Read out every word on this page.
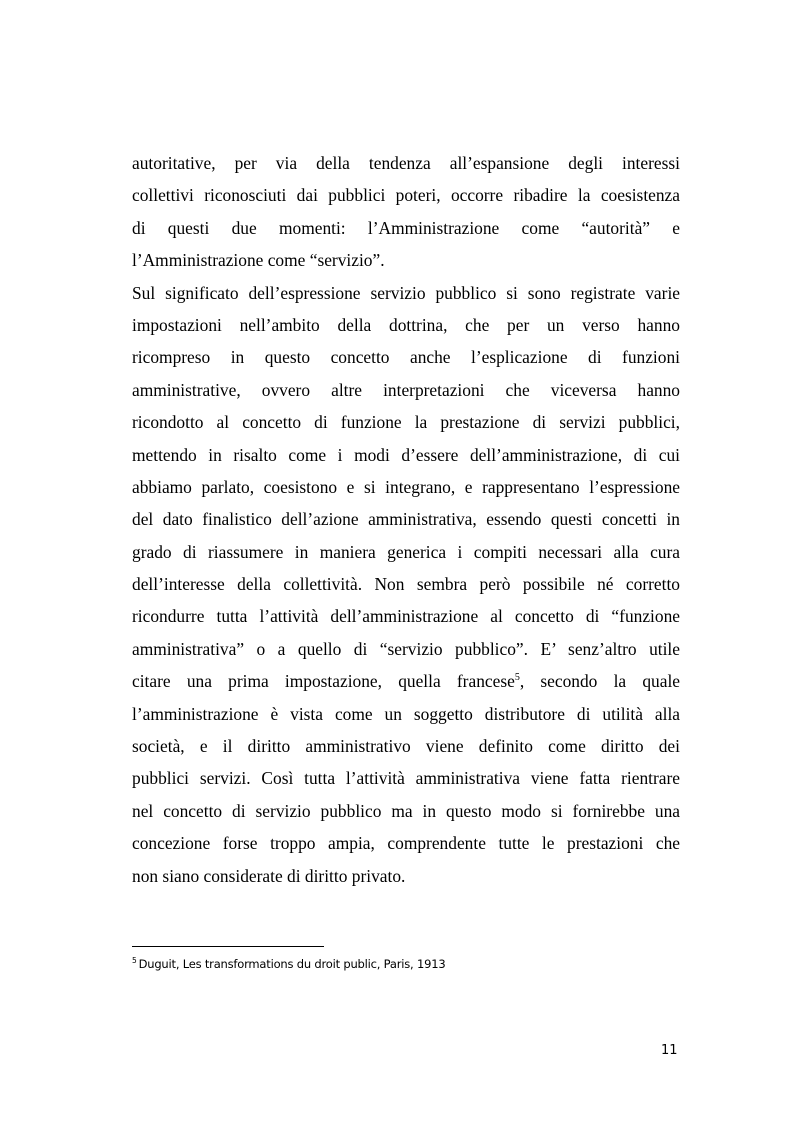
autoritative, per via della tendenza all’espansione degli interessi
collettivi riconosciuti dai pubblici poteri, occorre ribadire la coesistenza
di questi due momenti: l’Amministrazione come “autorità” e
l’Amministrazione come “servizio”.
Sul significato dell’espressione servizio pubblico si sono registrate varie
impostazioni nell’ambito della dottrina, che per un verso hanno
ricompreso in questo concetto anche l’esplicazione di funzioni
amministrative, ovvero altre interpretazioni che viceversa hanno
ricondotto al concetto di funzione la prestazione di servizi pubblici,
mettendo in risalto come i modi d’essere dell’amministrazione, di cui
abbiamo parlato, coesistono e si integrano, e rappresentano l’espressione
del dato finalistico dell’azione amministrativa, essendo questi concetti in
grado di riassumere in maniera generica i compiti necessari alla cura
dell’interesse della collettività. Non sembra però possibile né corretto
ricondurre tutta l’attività dell’amministrazione al concetto di “funzione
amministrativa” o a quello di “servizio pubblico”. E’ senz’altro utile
citare una prima impostazione, quella francese$^5$, secondo la quale
l’amministrazione è vista come un soggetto distributore di utilità alla
società, e il diritto amministrativo viene definito come diritto dei
pubblici servizi. Così tutta l’attività amministrativa viene fatta rientrare
nel concetto di servizio pubblico ma in questo modo si fornirebbe una
concezione forse troppo ampia, comprendente tutte le prestazioni che
non siano considerate di diritto privato.
$^5$ Duguit, Les transformations du droit public, Paris, 1913
11
